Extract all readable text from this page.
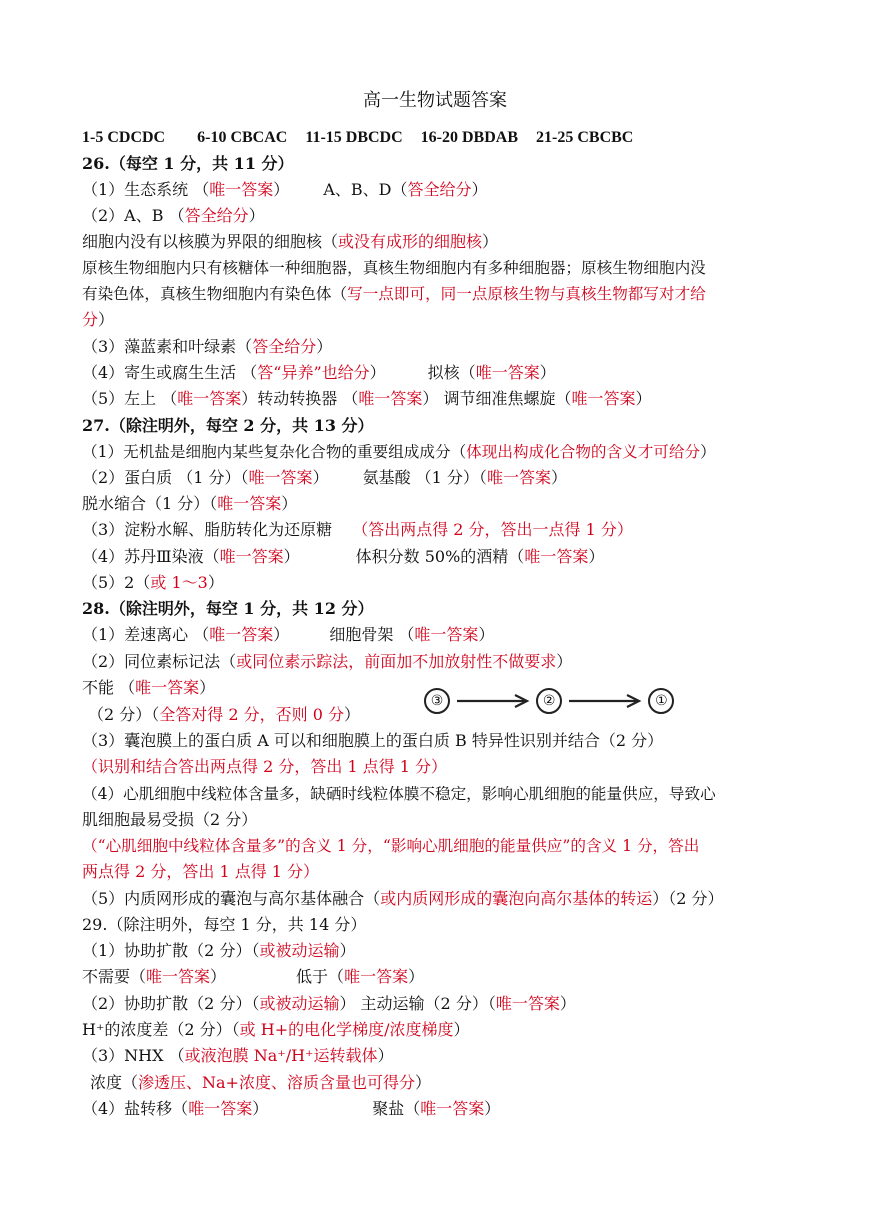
高一生物试题答案
1-5 CDCDC 6-10 CBCAC 11-15 DBCDC 16-20 DBDAB 21-25 CBCBC
26.（每空 1 分，共 11 分）
（1）生态系统 （唯一答案） A、B、D（答全给分）
（2）A、B （答全给分）
细胞内没有以核膜为界限的细胞核（或没有成形的细胞核）
原核生物细胞内只有核糖体一种细胞器，真核生物细胞内有多种细胞器；原核生物细胞内没
有染色体，真核生物细胞内有染色体（写一点即可，同一点原核生物与真核生物都写对才给
分）
（3）藻蓝素和叶绿素（答全给分）
（4）寄生或腐生生活 （答“异养”也给分）	拟核（唯一答案）
（5）左上 （唯一答案）转动转换器 （唯一答案） 调节细准焦螺旋（唯一答案）
27.（除注明外，每空 2 分，共 13 分）
（1）无机盐是细胞内某些复杂化合物的重要组成成分（体现出构成化合物的含义才可给分）
（2）蛋白质 （1 分）（唯一答案） 氨基酸 （1 分）（唯一答案）
脱水缩合（1 分）（唯一答案）
（3）淀粉水解、脂肪转化为还原糖 （答出两点得 2 分，答出一点得 1 分）
（4）苏丹Ⅲ染液（唯一答案）	体积分数 50%的酒精（唯一答案）
（5）2（或 1～3）
28.（除注明外，每空 1 分，共 12 分）
（1）差速离心 （唯一答案）	细胞骨架 （唯一答案）
（2）同位素标记法（或同位素示踪法，前面加不加放射性不做要求）
不能 （唯一答案）
③	②	①
（2 分）（全答对得 2 分，否则 0 分）
（3）囊泡膜上的蛋白质 A 可以和细胞膜上的蛋白质 B 特异性识别并结合（2 分）
（识别和结合答出两点得 2 分，答出 1 点得 1 分）
（4）心肌细胞中线粒体含量多，缺硒时线粒体膜不稳定，影响心肌细胞的能量供应，导致心
肌细胞最易受损（2 分）
（“心肌细胞中线粒体含量多”的含义 1 分，“影响心肌细胞的能量供应”的含义 1 分，答出
两点得 2 分，答出 1 点得 1 分）
（5）内质网形成的囊泡与高尔基体融合（或内质网形成的囊泡向高尔基体的转运）（2 分）
29.（除注明外，每空 1 分，共 14 分）
（1）协助扩散（2 分）（或被动运输）
不需要（唯一答案）	低于（唯一答案）
（2）协助扩散（2 分）（或被动运输） 主动运输（2 分）（唯一答案）
H⁺的浓度差（2 分）（或 H+的电化学梯度/浓度梯度）
（3）NHX （或液泡膜 Na⁺/H⁺运转载体）
浓度（渗透压、Na+浓度、溶质含量也可得分）
（4）盐转移（唯一答案）	聚盐（唯一答案）
